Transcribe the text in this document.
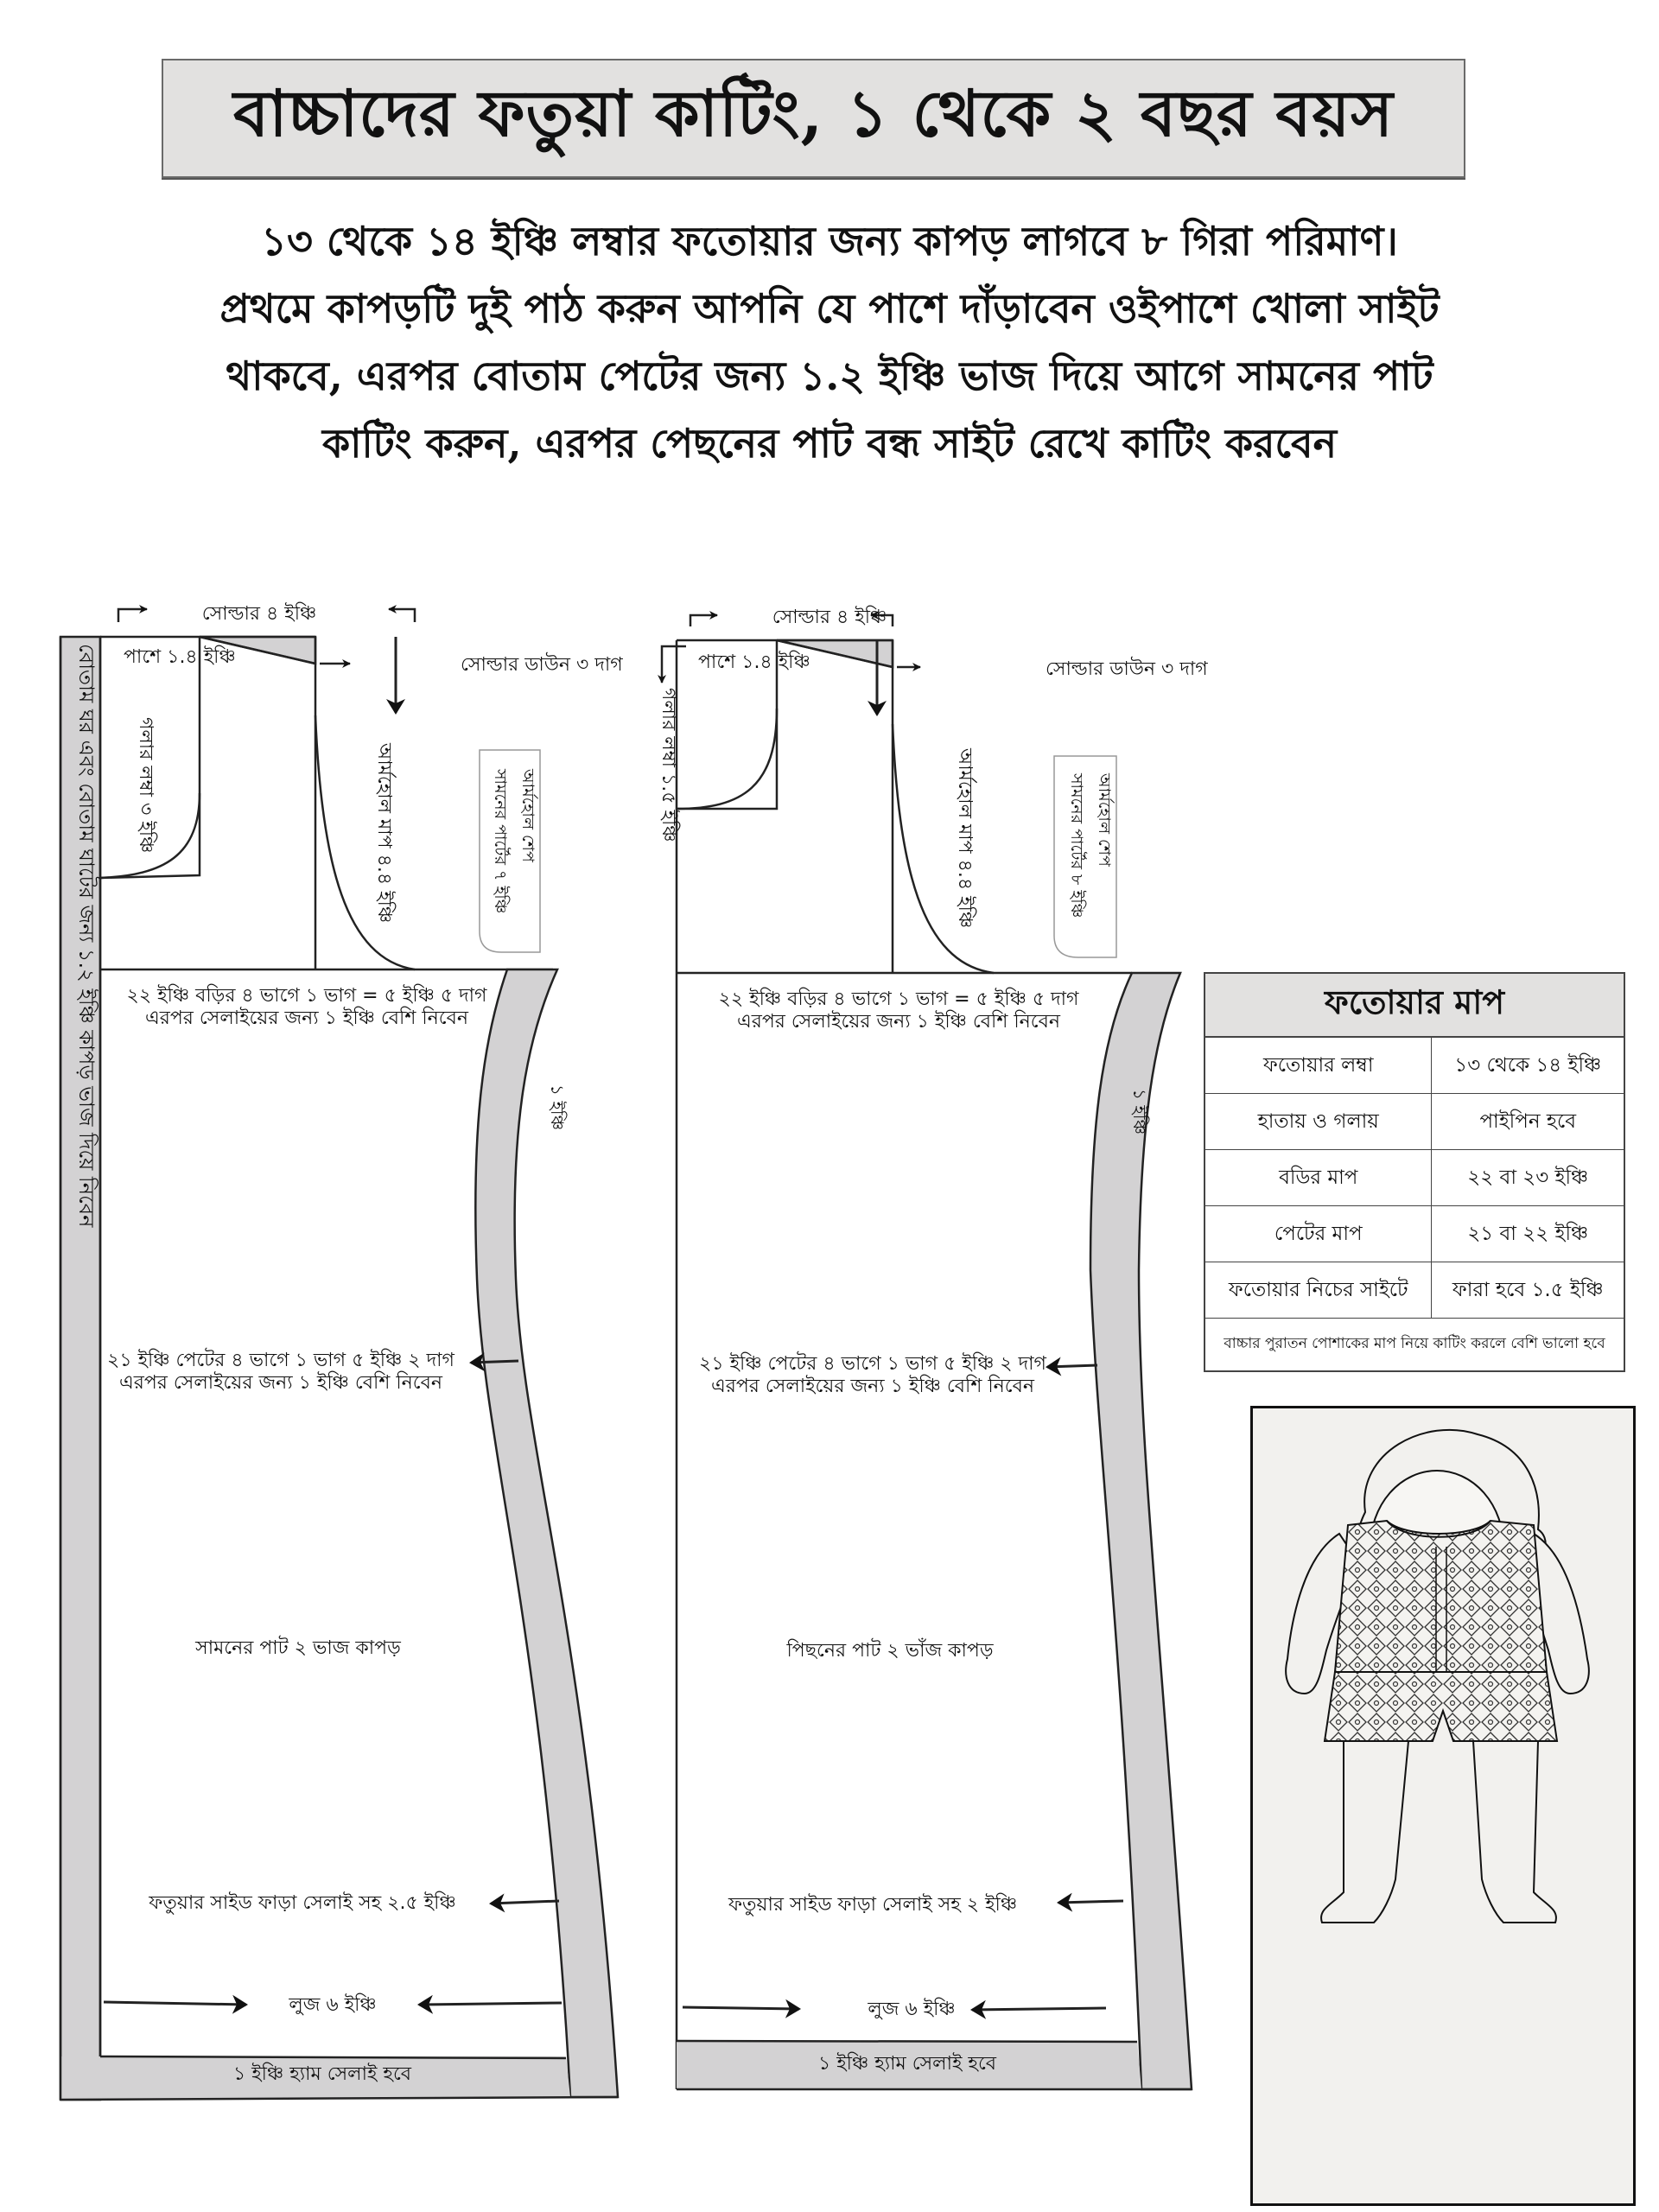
বাচ্চাদের ফতুয়া কাটিং, ১ থেকে ২ বছর বয়স
১৩ থেকে ১৪ ইঞ্চি লম্বার ফতোয়ার জন্য কাপড় লাগবে ৮ গিরা পরিমাণ।
প্রথমে কাপড়টি দুই পাঠ করুন আপনি যে পাশে দাঁড়াবেন ওইপাশে খোলা সাইট
থাকবে, এরপর বোতাম পেটের জন্য ১.২ ইঞ্চি ভাজ দিয়ে আগে সামনের পাট
কাটিং করুন, এরপর পেছনের পাট বন্ধ সাইট রেখে কাটিং করবেন
সোল্ডার ৪ ইঞ্চি
পাশে ১.৪ ইঞ্চি	সোল্ডার ডাউন ৩ দাগ
গলার লম্বা ৩ ইঞ্চি	আর্মহোল মাপ ৪.৪ ইঞ্চি	আর্মহোল শেপ
সামনের পার্টের ৭ ইঞ্চি
বোতাম ঘর এবং বোতাম ঘাটের জন্য ১.২ ইঞ্চি কাপড় ভাজ দিয়ে নিবেন ২২ ইঞ্চি বড়ির ৪ ভাগে ১ ভাগ = ৫ ইঞ্চি ৫ দাগ
এরপর সেলাইয়ের জন্য ১ ইঞ্চি বেশি নিবেন
১ ইঞ্চি
২১ ইঞ্চি পেটের ৪ ভাগে ১ ভাগ ৫ ইঞ্চি ২ দাগ
এরপর সেলাইয়ের জন্য ১ ইঞ্চি বেশি নিবেন
সামনের পাট ২ ভাজ কাপড়
ফতুয়ার সাইড ফাড়া সেলাই সহ ২.৫ ইঞ্চি
লুজ ৬ ইঞ্চি
১ ইঞ্চি হ্যাম সেলাই হবে
সোল্ডার ৪ ইঞ্চি
পাশে ১.৪ ইঞ্চি	সোল্ডার ডাউন ৩ দাগ
গলার লম্বা ১.৫ ইঞ্চি	আর্মহোল মাপ ৪.৪ ইঞ্চি	আর্মহোল শেপ
সামনের পার্টের ৮ ইঞ্চি
২২ ইঞ্চি বড়ির ৪ ভাগে ১ ভাগ = ৫ ইঞ্চি ৫ দাগ
এরপর সেলাইয়ের জন্য ১ ইঞ্চি বেশি নিবেন
১ ইঞ্চি
২১ ইঞ্চি পেটের ৪ ভাগে ১ ভাগ ৫ ইঞ্চি ২ দাগ
এরপর সেলাইয়ের জন্য ১ ইঞ্চি বেশি নিবেন
পিছনের পাট ২ ভাঁজ কাপড়
ফতুয়ার সাইড ফাড়া সেলাই সহ ২ ইঞ্চি
লুজ ৬ ইঞ্চি
১ ইঞ্চি হ্যাম সেলাই হবে
ফতোয়ার মাপ	
ফতোয়ার লম্বা	১৩ থেকে ১৪ ইঞ্চি
হাতায় ও গলায়	পাইপিন হবে
বডির মাপ	২২ বা ২৩ ইঞ্চি
পেটের মাপ	২১ বা ২২ ইঞ্চি
ফতোয়ার নিচের সাইটে	ফারা হবে ১.৫ ইঞ্চি
বাচ্চার পুরাতন পোশাকের মাপ নিয়ে কাটিং করলে বেশি ভালো হবে	
